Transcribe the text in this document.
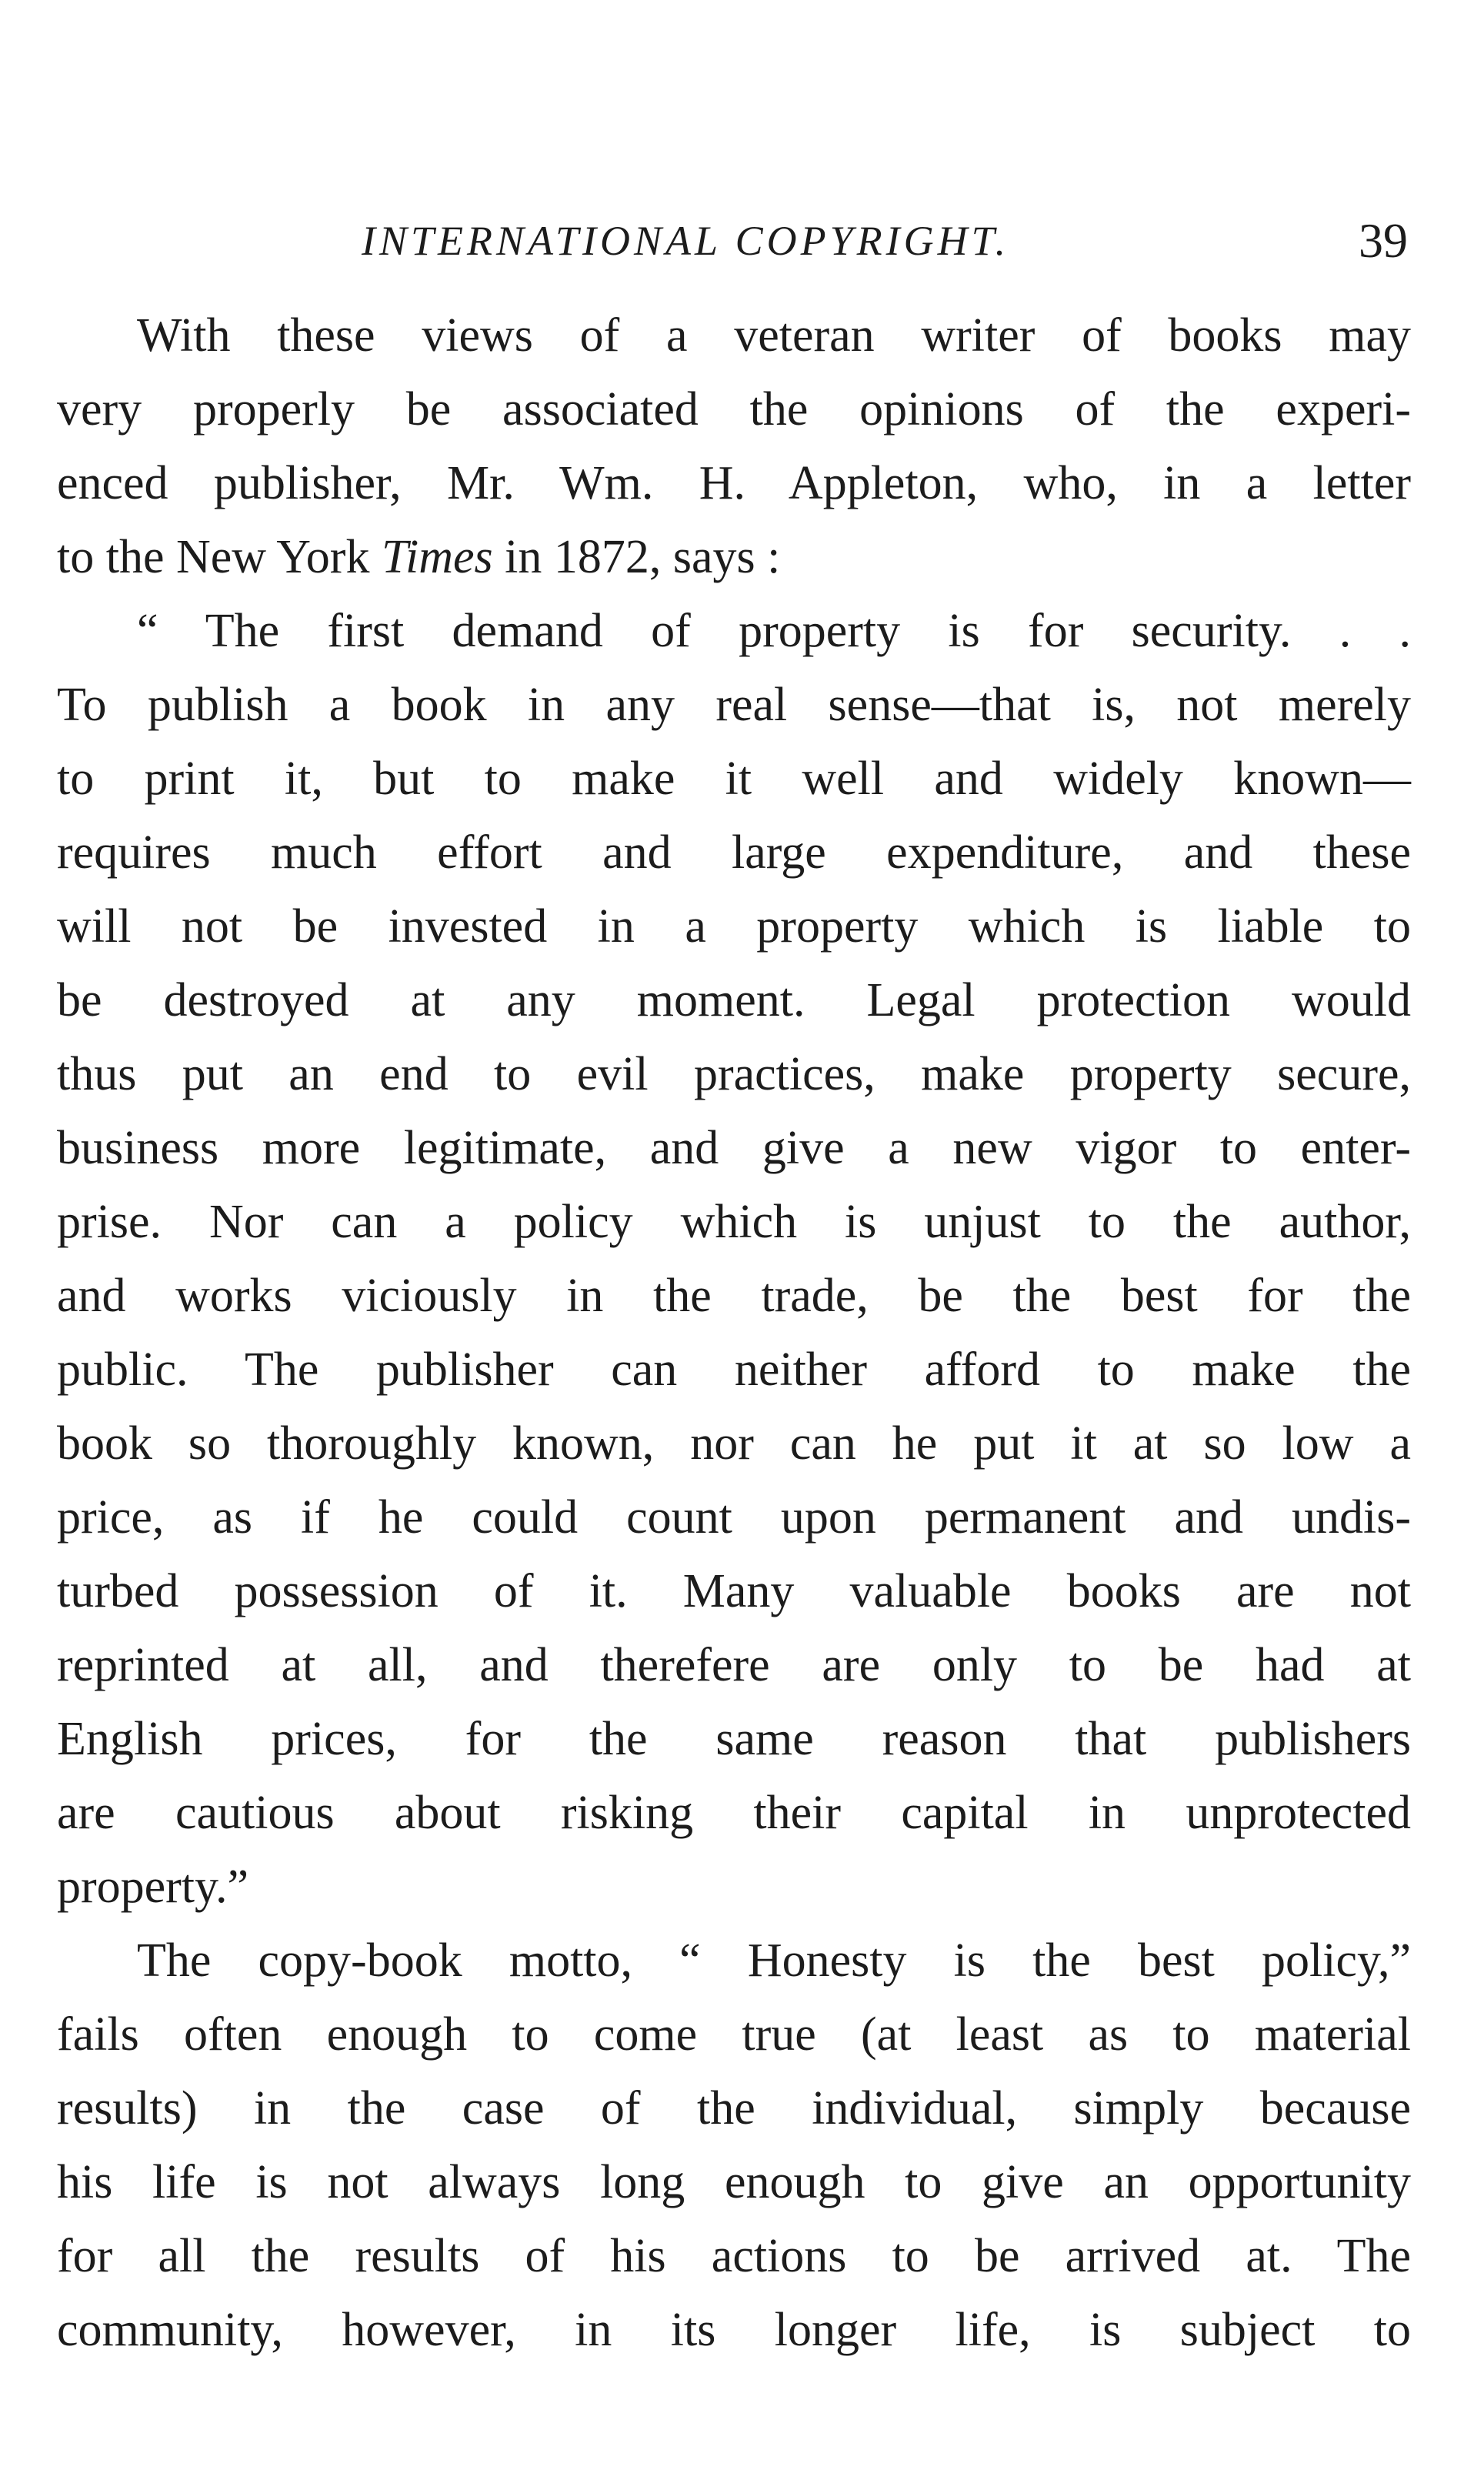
INTERNATIONAL COPYRIGHT.	39
With these views of a veteran writer of books may
very properly be associated the opinions of the experi-
enced publisher, Mr. Wm. H. Appleton, who, in a letter
to the New York Times in 1872, says :
“ The first demand of property is for security. . .
To publish a book in any real sense—that is, not merely
to print it, but to make it well and widely known—
requires much effort and large expenditure, and these
will not be invested in a property which is liable to
be destroyed at any moment. Legal protection would
thus put an end to evil practices, make property secure,
business more legitimate, and give a new vigor to enter-
prise. Nor can a policy which is unjust to the author,
and works viciously in the trade, be the best for the
public. The publisher can neither afford to make the
book so thoroughly known, nor can he put it at so low a
price, as if he could count upon permanent and undis-
turbed possession of it. Many valuable books are not
reprinted at all, and therefere are only to be had at
English prices, for the same reason that publishers
are cautious about risking their capital in unprotected
property.”
The copy-book motto, “ Honesty is the best policy,”
fails often enough to come true (at least as to material
results) in the case of the individual, simply because
his life is not always long enough to give an opportunity
for all the results of his actions to be arrived at. The
community, however, in its longer life, is subject to
